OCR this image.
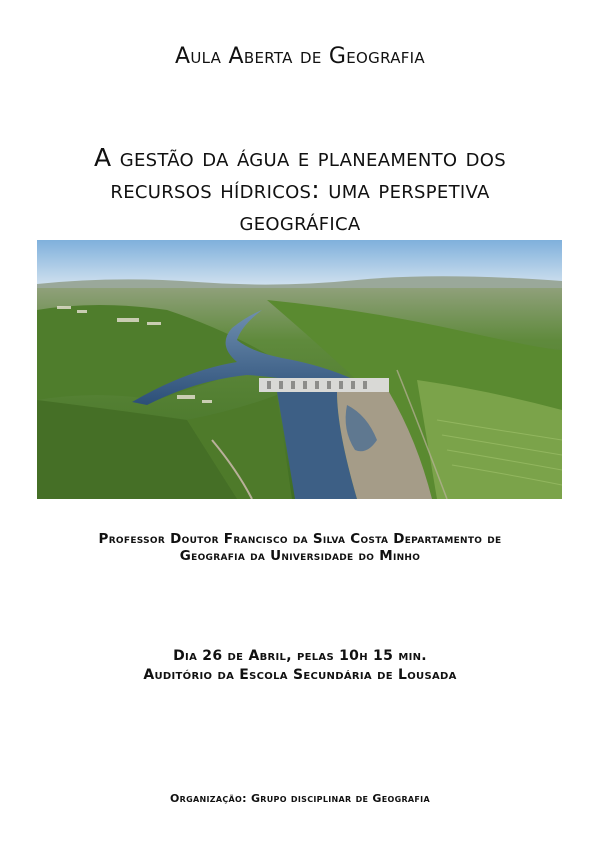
Aula Aberta de Geografia
A gestão da água e planeamento dos
recursos hídricos: uma perspetiva
geográfica
Professor Doutor Francisco da Silva Costa Departamento de
Geografia da Universidade do Minho
Dia 26 de Abril, pelas 10h 15 min.
Auditório da Escola Secundária de Lousada
Organização: Grupo disciplinar de Geografia
